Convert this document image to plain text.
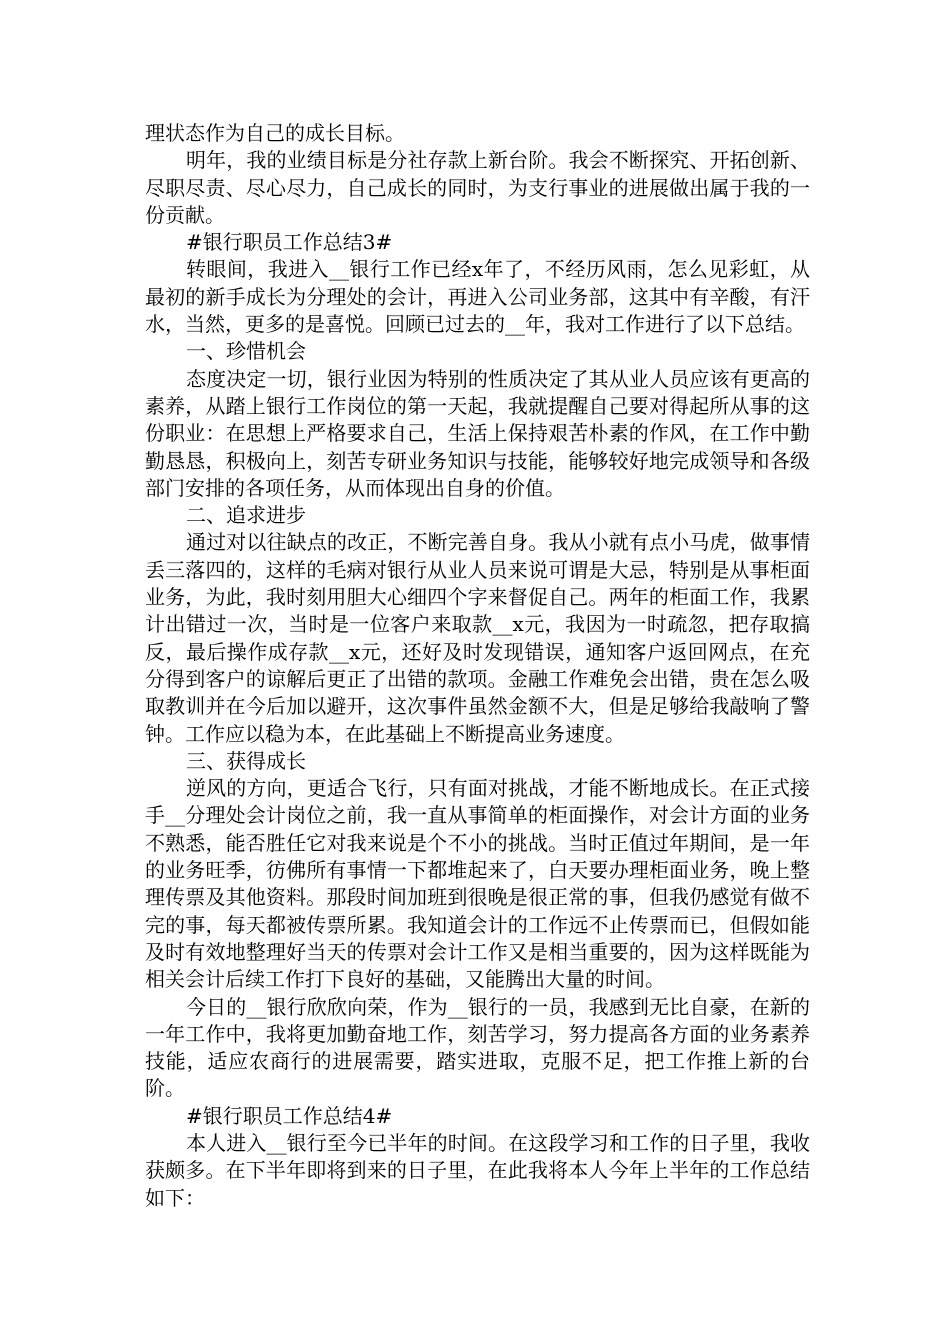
理状态作为自己的成长目标。

明年，我的业绩目标是分社存款上新台阶。我会不断探究、开拓创新、尽职尽责、尽心尽力，自己成长的同时，为支行事业的进展做出属于我的一份贡献。

#银行职员工作总结3#

转眼间，我进入__银行工作已经x年了，不经历风雨，怎么见彩虹，从最初的新手成长为分理处的会计，再进入公司业务部，这其中有辛酸，有汗水，当然，更多的是喜悦。回顾已过去的__年，我对工作进行了以下总结。

一、珍惜机会

态度决定一切，银行业因为特别的性质决定了其从业人员应该有更高的素养，从踏上银行工作岗位的第一天起，我就提醒自己要对得起所从事的这份职业：在思想上严格要求自己，生活上保持艰苦朴素的作风，在工作中勤勤恳恳，积极向上，刻苦专研业务知识与技能，能够较好地完成领导和各级部门安排的各项任务，从而体现出自身的价值。

二、追求进步

通过对以往缺点的改正，不断完善自身。我从小就有点小马虎，做事情丢三落四的，这样的毛病对银行从业人员来说可谓是大忌，特别是从事柜面业务，为此，我时刻用胆大心细四个字来督促自己。两年的柜面工作，我累计出错过一次，当时是一位客户来取款__x元，我因为一时疏忽，把存取搞反，最后操作成存款__x元，还好及时发现错误，通知客户返回网点，在充分得到客户的谅解后更正了出错的款项。金融工作难免会出错，贵在怎么吸取教训并在今后加以避开，这次事件虽然金额不大，但是足够给我敲响了警钟。工作应以稳为本，在此基础上不断提高业务速度。

三、获得成长

逆风的方向，更适合飞行，只有面对挑战，才能不断地成长。在正式接手__分理处会计岗位之前，我一直从事简单的柜面操作，对会计方面的业务不熟悉，能否胜任它对我来说是个不小的挑战。当时正值过年期间，是一年的业务旺季，彷佛所有事情一下都堆起来了，白天要办理柜面业务，晚上整理传票及其他资料。那段时间加班到很晚是很正常的事，但我仍感觉有做不完的事，每天都被传票所累。我知道会计的工作远不止传票而已，但假如能及时有效地整理好当天的传票对会计工作又是相当重要的，因为这样既能为相关会计后续工作打下良好的基础，又能腾出大量的时间。

今日的__银行欣欣向荣，作为__银行的一员，我感到无比自豪，在新的一年工作中，我将更加勤奋地工作，刻苦学习，努力提高各方面的业务素养技能，适应农商行的进展需要，踏实进取，克服不足，把工作推上新的台阶。

#银行职员工作总结4#

本人进入__银行至今已半年的时间。在这段学习和工作的日子里，我收获颇多。在下半年即将到来的日子里，在此我将本人今年上半年的工作总结如下：
